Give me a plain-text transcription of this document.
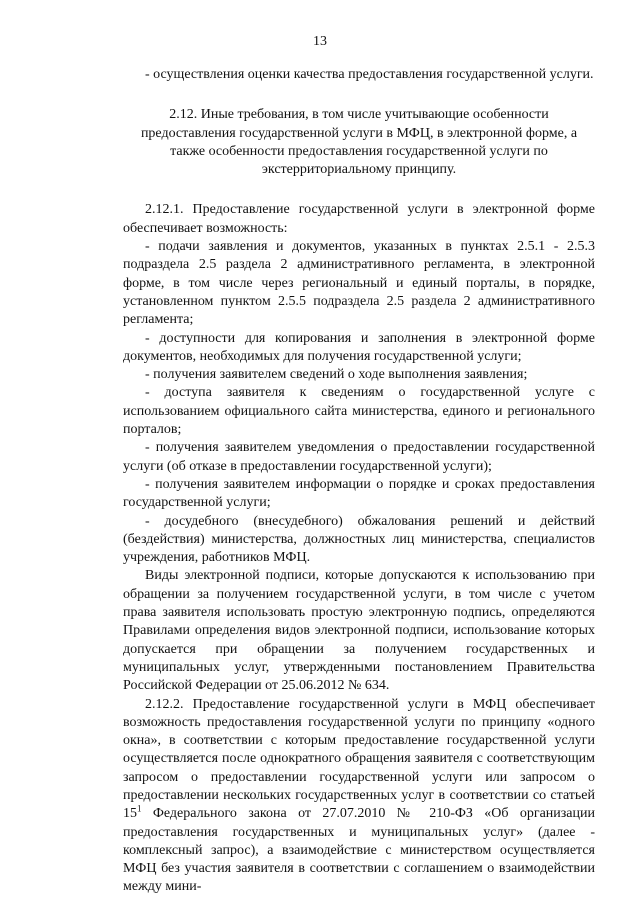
13

- осуществления оценки качества предоставления государственной услуги.

2.12. Иные требования, в том числе учитывающие особенности предоставления государственной услуги в МФЦ, в электронной форме, а также особенности предоставления государственной услуги по экстерриториальному принципу.

2.12.1. Предоставление государственной услуги в электронной форме обеспечивает возможность:

- подачи заявления и документов, указанных в пунктах 2.5.1 - 2.5.3 подраздела 2.5 раздела 2 административного регламента, в электронной форме, в том числе через региональный и единый порталы, в порядке, установленном пунктом 2.5.5 подраздела 2.5 раздела 2 административного регламента;

- доступности для копирования и заполнения в электронной форме документов, необходимых для получения государственной услуги;

- получения заявителем сведений о ходе выполнения заявления;

- доступа заявителя к сведениям о государственной услуге с использованием официального сайта министерства, единого и регионального порталов;

- получения заявителем уведомления о предоставлении государственной услуги (об отказе в предоставлении государственной услуги);

- получения заявителем информации о порядке и сроках предоставления государственной услуги;

- досудебного (внесудебного) обжалования решений и действий (бездействия) министерства, должностных лиц министерства, специалистов учреждения, работников МФЦ.

Виды электронной подписи, которые допускаются к использованию при обращении за получением государственной услуги, в том числе с учетом права заявителя использовать простую электронную подпись, определяются Правилами определения видов электронной подписи, использование которых допускается при обращении за получением государственных и муниципальных услуг, утвержденными постановлением Правительства Российской Федерации от 25.06.2012 № 634.

2.12.2. Предоставление государственной услуги в МФЦ обеспечивает возможность предоставления государственной услуги по принципу «одного окна», в соответствии с которым предоставление государственной услуги осуществляется после однократного обращения заявителя с соответствующим запросом о предоставлении государственной услуги или запросом о предоставлении нескольких государственных услуг в соответствии со статьей $15^1$ Федерального закона от 27.07.2010 № 210-ФЗ «Об организации предоставления государственных и муниципальных услуг» (далее - комплексный запрос), а взаимодействие с министерством осуществляется МФЦ без участия заявителя в соответствии с соглашением о взаимодействии между мини-
